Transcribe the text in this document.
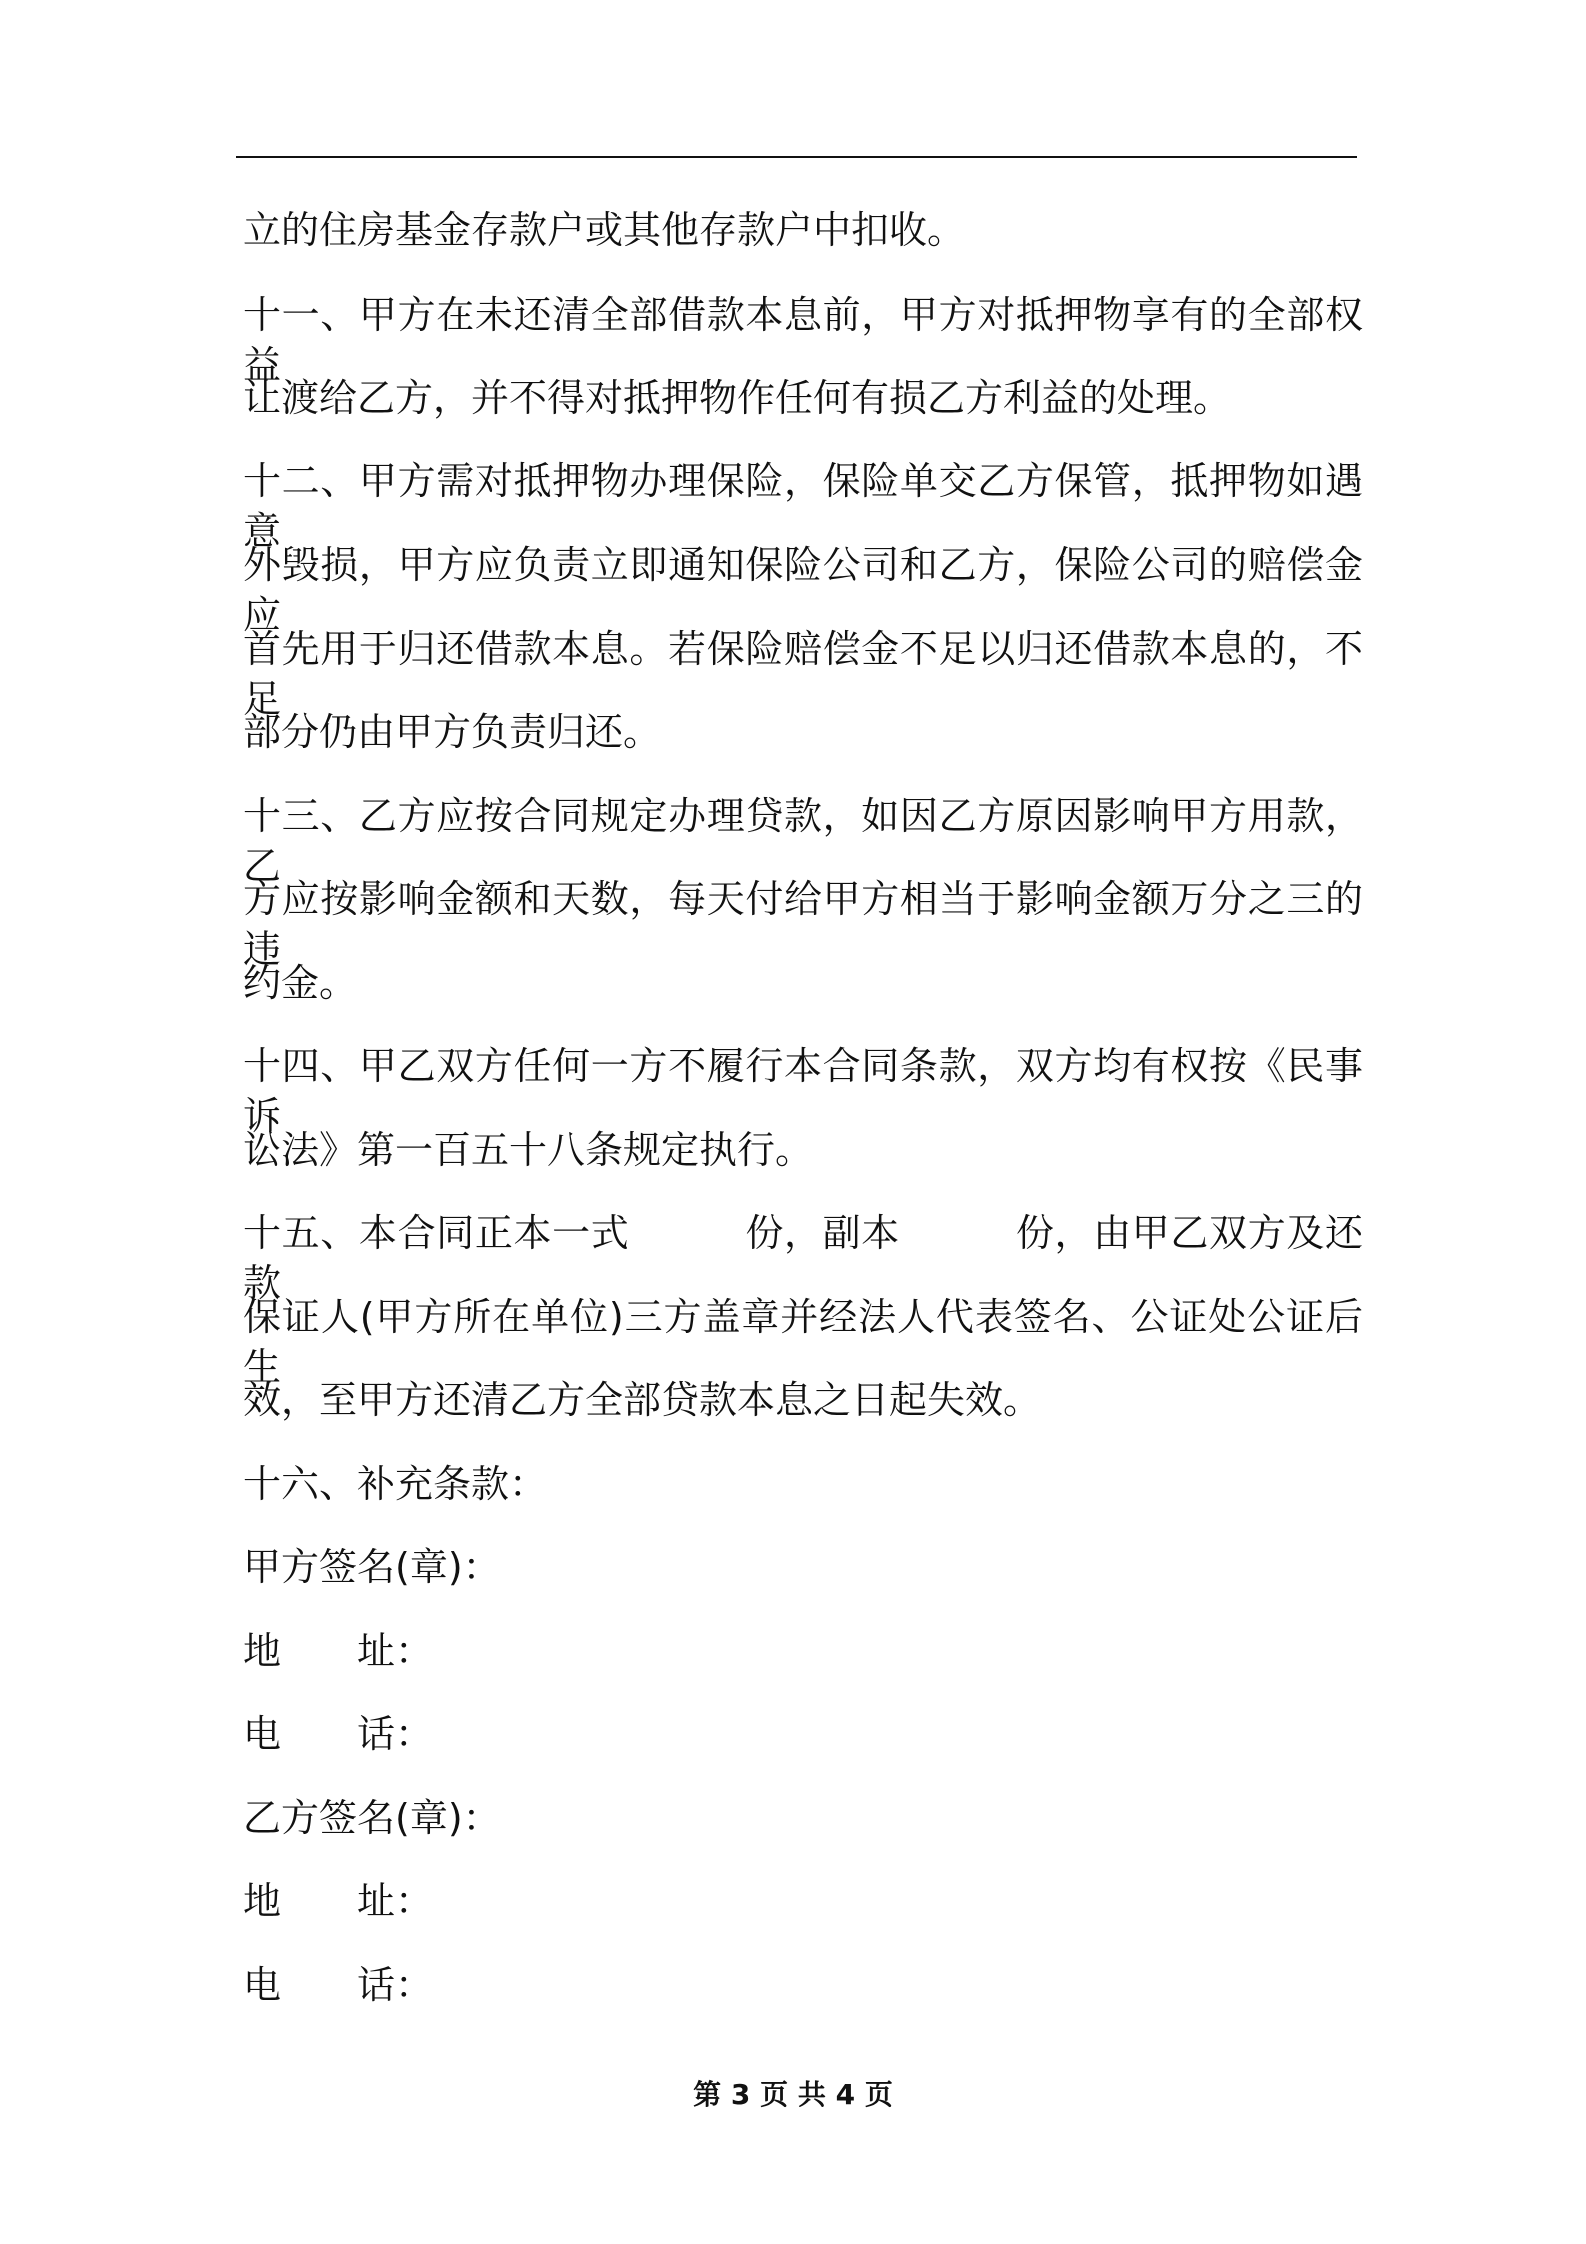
立的住房基金存款户或其他存款户中扣收。
十一、甲方在未还清全部借款本息前，甲方对抵押物享有的全部权益
让渡给乙方，并不得对抵押物作任何有损乙方利益的处理。
十二、甲方需对抵押物办理保险，保险单交乙方保管，抵押物如遇意
外毁损，甲方应负责立即通知保险公司和乙方，保险公司的赔偿金应
首先用于归还借款本息。若保险赔偿金不足以归还借款本息的，不足
部分仍由甲方负责归还。
十三、乙方应按合同规定办理贷款，如因乙方原因影响甲方用款，乙
方应按影响金额和天数，每天付给甲方相当于影响金额万分之三的违
约金。
十四、甲乙双方任何一方不履行本合同条款，双方均有权按《民事诉
讼法》第一百五十八条规定执行。
十五、本合同正本一式　　　份，副本　　　份，由甲乙双方及还款
保证人(甲方所在单位)三方盖章并经法人代表签名、公证处公证后生
效，至甲方还清乙方全部贷款本息之日起失效。
十六、补充条款：
甲方签名(章)：
地　　址：
电　　话：
乙方签名(章)：
地　　址：
电　　话：
第 3 页 共 4 页
